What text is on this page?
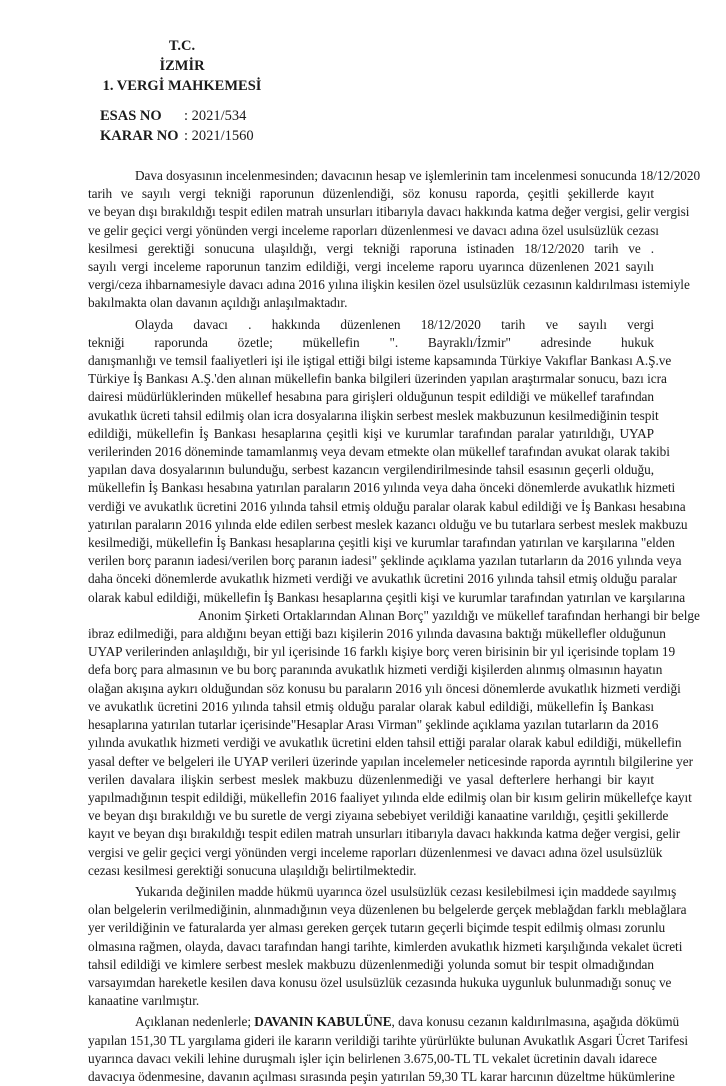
T.C.
İZMİR
1. VERGİ MAHKEMESİ
ESAS NO	: 2021/534
KARAR NO : 2021/1560
Dava dosyasının incelenmesinden; davacının hesap ve işlemlerinin tam incelenmesi sonucunda 18/12/2020
tarih ve sayılı vergi tekniği raporunun düzenlendiği, söz konusu raporda, çeşitli şekillerde kayıt
ve beyan dışı bırakıldığı tespit edilen matrah unsurları itibarıyla davacı hakkında katma değer vergisi, gelir vergisi
ve gelir geçici vergi yönünden vergi inceleme raporları düzenlenmesi ve davacı adına özel usulsüzlük cezası
kesilmesi gerektiği sonucuna ulaşıldığı, vergi tekniği raporuna istinaden 18/12/2020 tarih ve .
sayılı vergi inceleme raporunun tanzim edildiği, vergi inceleme raporu uyarınca düzenlenen 2021 sayılı
vergi/ceza ihbarnamesiyle davacı adına 2016 yılına ilişkin kesilen özel usulsüzlük cezasının kaldırılması istemiyle
bakılmakta olan davanın açıldığı anlaşılmaktadır.
Olayda davacı . hakkında düzenlenen 18/12/2020 tarih ve sayılı vergi
tekniği raporunda özetle; mükellefin ". Bayraklı/İzmir" adresinde hukuk
danışmanlığı ve temsil faaliyetleri işi ile iştigal ettiği bilgi isteme kapsamında Türkiye Vakıflar Bankası A.Ş.ve
Türkiye İş Bankası A.Ş.'den alınan mükellefin banka bilgileri üzerinden yapılan araştırmalar sonucu, bazı icra
dairesi müdürlüklerinden mükellef hesabına para girişleri olduğunun tespit edildiği ve mükellef tarafından
avukatlık ücreti tahsil edilmiş olan icra dosyalarına ilişkin serbest meslek makbuzunun kesilmediğinin tespit
edildiği, mükellefin İş Bankası hesaplarına çeşitli kişi ve kurumlar tarafından paralar yatırıldığı, UYAP
verilerinden 2016 döneminde tamamlanmış veya devam etmekte olan mükellef tarafından avukat olarak takibi
yapılan dava dosyalarının bulunduğu, serbest kazancın vergilendirilmesinde tahsil esasının geçerli olduğu,
mükellefin İş Bankası hesabına yatırılan paraların 2016 yılında veya daha önceki dönemlerde avukatlık hizmeti
verdiği ve avukatlık ücretini 2016 yılında tahsil etmiş olduğu paralar olarak kabul edildiği ve İş Bankası hesabına
yatırılan paraların 2016 yılında elde edilen serbest meslek kazancı olduğu ve bu tutarlara serbest meslek makbuzu
kesilmediği, mükellefin İş Bankası hesaplarına çeşitli kişi ve kurumlar tarafından yatırılan ve karşılarına "elden
verilen borç paranın iadesi/verilen borç paranın iadesi" şeklinde açıklama yazılan tutarların da 2016 yılında veya
daha önceki dönemlerde avukatlık hizmeti verdiği ve avukatlık ücretini 2016 yılında tahsil etmiş olduğu paralar
olarak kabul edildiği, mükellefin İş Bankası hesaplarına çeşitli kişi ve kurumlar tarafından yatırılan ve karşılarına
Anonim Şirketi Ortaklarından Alınan Borç" yazıldığı ve mükellef tarafından herhangi bir belge
ibraz edilmediği, para aldığını beyan ettiği bazı kişilerin 2016 yılında davasına baktığı mükellefler olduğunun
UYAP verilerinden anlaşıldığı, bir yıl içerisinde 16 farklı kişiye borç veren birisinin bir yıl içerisinde toplam 19
defa borç para almasının ve bu borç paranında avukatlık hizmeti verdiği kişilerden alınmış olmasının hayatın
olağan akışına aykırı olduğundan söz konusu bu paraların 2016 yılı öncesi dönemlerde avukatlık hizmeti verdiği
ve avukatlık ücretini 2016 yılında tahsil etmiş olduğu paralar olarak kabul edildiği, mükellefin İş Bankası
hesaplarına yatırılan tutarlar içerisinde"Hesaplar Arası Virman" şeklinde açıklama yazılan tutarların da 2016
yılında avukatlık hizmeti verdiği ve avukatlık ücretini elden tahsil ettiği paralar olarak kabul edildiği, mükellefin
yasal defter ve belgeleri ile UYAP verileri üzerinde yapılan incelemeler neticesinde raporda ayrıntılı bilgilerine yer
verilen davalara ilişkin serbest meslek makbuzu düzenlenmediği ve yasal defterlere herhangi bir kayıt
yapılmadığının tespit edildiği, mükellefin 2016 faaliyet yılında elde edilmiş olan bir kısım gelirin mükellefçe kayıt
ve beyan dışı bırakıldığı ve bu suretle de vergi ziyaına sebebiyet verildiği kanaatine varıldığı, çeşitli şekillerde
kayıt ve beyan dışı bırakıldığı tespit edilen matrah unsurları itibarıyla davacı hakkında katma değer vergisi, gelir
vergisi ve gelir geçici vergi yönünden vergi inceleme raporları düzenlenmesi ve davacı adına özel usulsüzlük
cezası kesilmesi gerektiği sonucuna ulaşıldığı belirtilmektedir.
Yukarıda değinilen madde hükmü uyarınca özel usulsüzlük cezası kesilebilmesi için maddede sayılmış
olan belgelerin verilmediğinin, alınmadığının veya düzenlenen bu belgelerde gerçek meblağdan farklı meblağlara
yer verildiğinin ve faturalarda yer alması gereken gerçek tutarın geçerli biçimde tespit edilmiş olması zorunlu
olmasına rağmen, olayda, davacı tarafından hangi tarihte, kimlerden avukatlık hizmeti karşılığında vekalet ücreti
tahsil edildiği ve kimlere serbest meslek makbuzu düzenlenmediği yolunda somut bir tespit olmadığından
varsayımdan hareketle kesilen dava konusu özel usulsüzlük cezasında hukuka uygunluk bulunmadığı sonuç ve
kanaatine varılmıştır.
Açıklanan nedenlerle; DAVANIN KABULÜNE, dava konusu cezanın kaldırılmasına, aşağıda dökümü
yapılan 151,30 TL yargılama gideri ile kararın verildiği tarihte yürürlükte bulunan Avukatlık Asgari Ücret Tarifesi
uyarınca davacı vekili lehine duruşmalı işler için belirlenen 3.675,00-TL TL vekalet ücretinin davalı idarece
davacıya ödenmesine, davanın açılması sırasında peşin yatırılan 59,30 TL karar harcının düzeltme hükümlerine
